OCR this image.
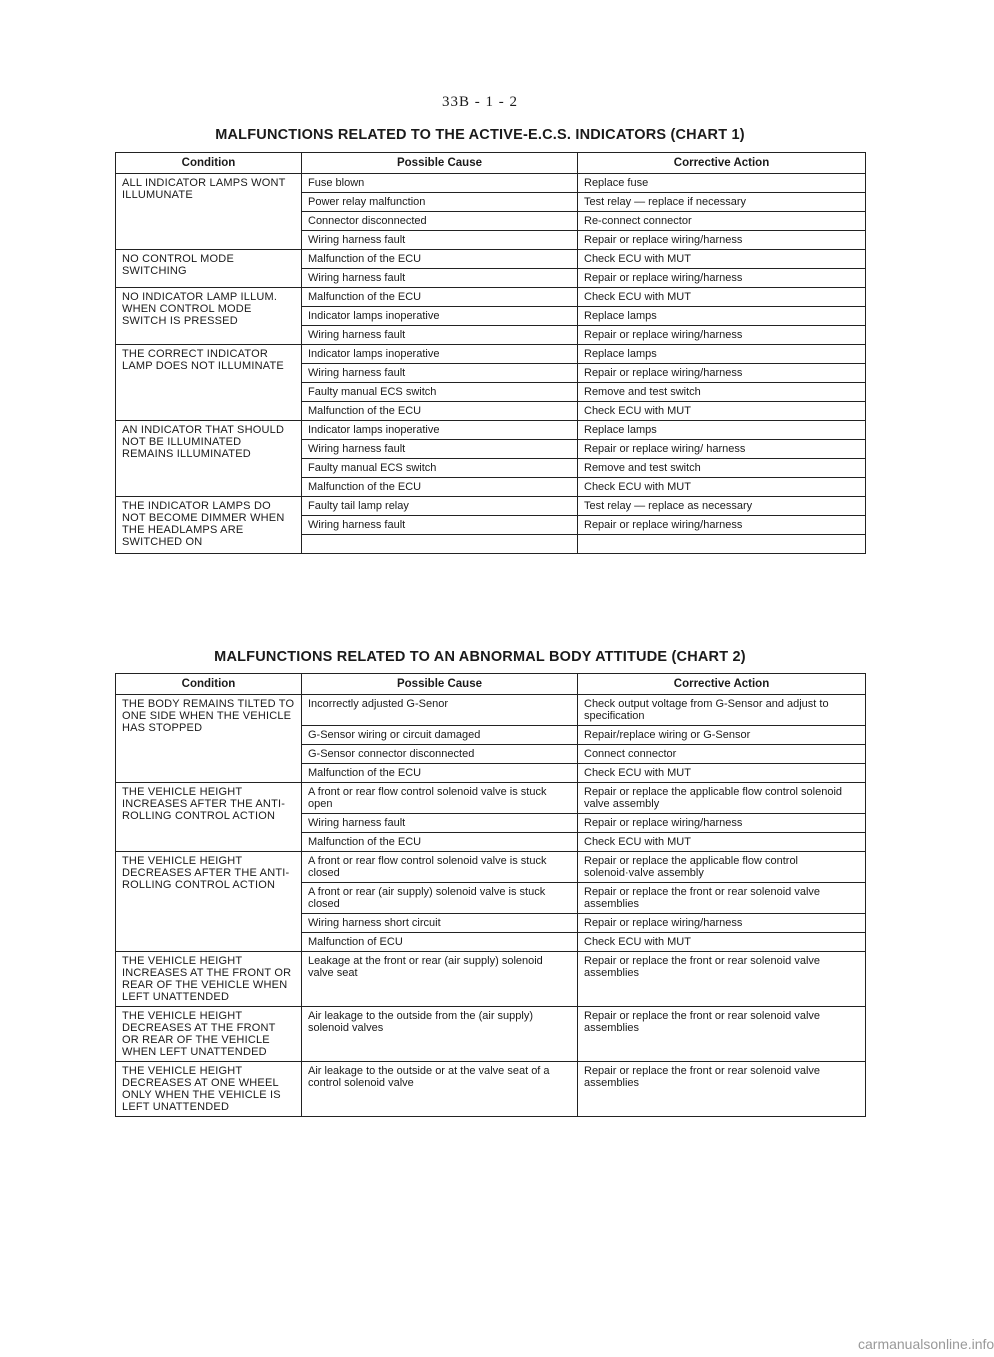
33B - 1 - 2
MALFUNCTIONS RELATED TO THE ACTIVE-E.C.S. INDICATORS (CHART 1)
Condition	Possible Cause	Corrective Action
ALL INDICATOR LAMPS WONT ILLUMUNATE	Fuse blown	Replace fuse
	Power relay malfunction	Test relay — replace if necessary
	Connector disconnected	Re-connect connector
	Wiring harness fault	Repair or replace wiring/harness
NO CONTROL MODE SWITCHING	Malfunction of the ECU	Check ECU with MUT
	Wiring harness fault	Repair or replace wiring/harness
NO INDICATOR LAMP ILLUM. WHEN CONTROL MODE SWITCH IS PRESSED	Malfunction of the ECU	Check ECU with MUT
	Indicator lamps inoperative	Replace lamps
	Wiring harness fault	Repair or replace wiring/harness
THE CORRECT INDICATOR LAMP DOES NOT ILLUMINATE	Indicator lamps inoperative	Replace lamps
	Wiring harness fault	Repair or replace wiring/harness
	Faulty manual ECS switch	Remove and test switch
	Malfunction of the ECU	Check ECU with MUT
AN INDICATOR THAT SHOULD NOT BE ILLUMINATED REMAINS ILLUMINATED	Indicator lamps inoperative	Replace lamps
	Wiring harness fault	Repair or replace wiring/ harness
	Faulty manual ECS switch	Remove and test switch
	Malfunction of the ECU	Check ECU with MUT
THE INDICATOR LAMPS DO NOT BECOME DIMMER WHEN THE HEADLAMPS ARE SWITCHED ON	Faulty tail lamp relay	Test relay — replace as necessary
	Wiring harness fault	Repair or replace wiring/harness

MALFUNCTIONS RELATED TO AN ABNORMAL BODY ATTITUDE (CHART 2)
Condition	Possible Cause	Corrective Action
THE BODY REMAINS TILTED TO ONE SIDE WHEN THE VEHICLE HAS STOPPED	Incorrectly adjusted G-Senor	Check output voltage from G-Sensor and adjust to specification
	G-Sensor wiring or circuit damaged	Repair/replace wiring or G-Sensor
	G-Sensor connector disconnected	Connect connector
	Malfunction of the ECU	Check ECU with MUT
THE VEHICLE HEIGHT INCREASES AFTER THE ANTI-ROLLING CONTROL ACTION	A front or rear flow control solenoid valve is stuck open	Repair or replace the applicable flow control solenoid valve assembly
	Wiring harness fault	Repair or replace wiring/harness
	Malfunction of the ECU	Check ECU with MUT
THE VEHICLE HEIGHT DECREASES AFTER THE ANTI-ROLLING CONTROL ACTION	A front or rear flow control solenoid valve is stuck closed	Repair or replace the applicable flow control solenoid·valve assembly
	A front or rear (air supply) solenoid valve is stuck closed	Repair or replace the front or rear solenoid valve assemblies
	Wiring harness short circuit	Repair or replace wiring/harness
	Malfunction of ECU	Check ECU with MUT
THE VEHICLE HEIGHT INCREASES AT THE FRONT OR REAR OF THE VEHICLE WHEN LEFT UNATTENDED	Leakage at the front or rear (air supply) solenoid valve seat	Repair or replace the front or rear solenoid valve assemblies
THE VEHICLE HEIGHT DECREASES AT THE FRONT OR REAR OF THE VEHICLE WHEN LEFT UNATTENDED	Air leakage to the outside from the (air supply) solenoid valves	Repair or replace the front or rear solenoid valve assemblies
THE VEHICLE HEIGHT DECREASES AT ONE WHEEL ONLY WHEN THE VEHICLE IS LEFT UNATTENDED	Air leakage to the outside or at the valve seat of a control solenoid valve	Repair or replace the front or rear solenoid valve assemblies
carmanualsonline.info
